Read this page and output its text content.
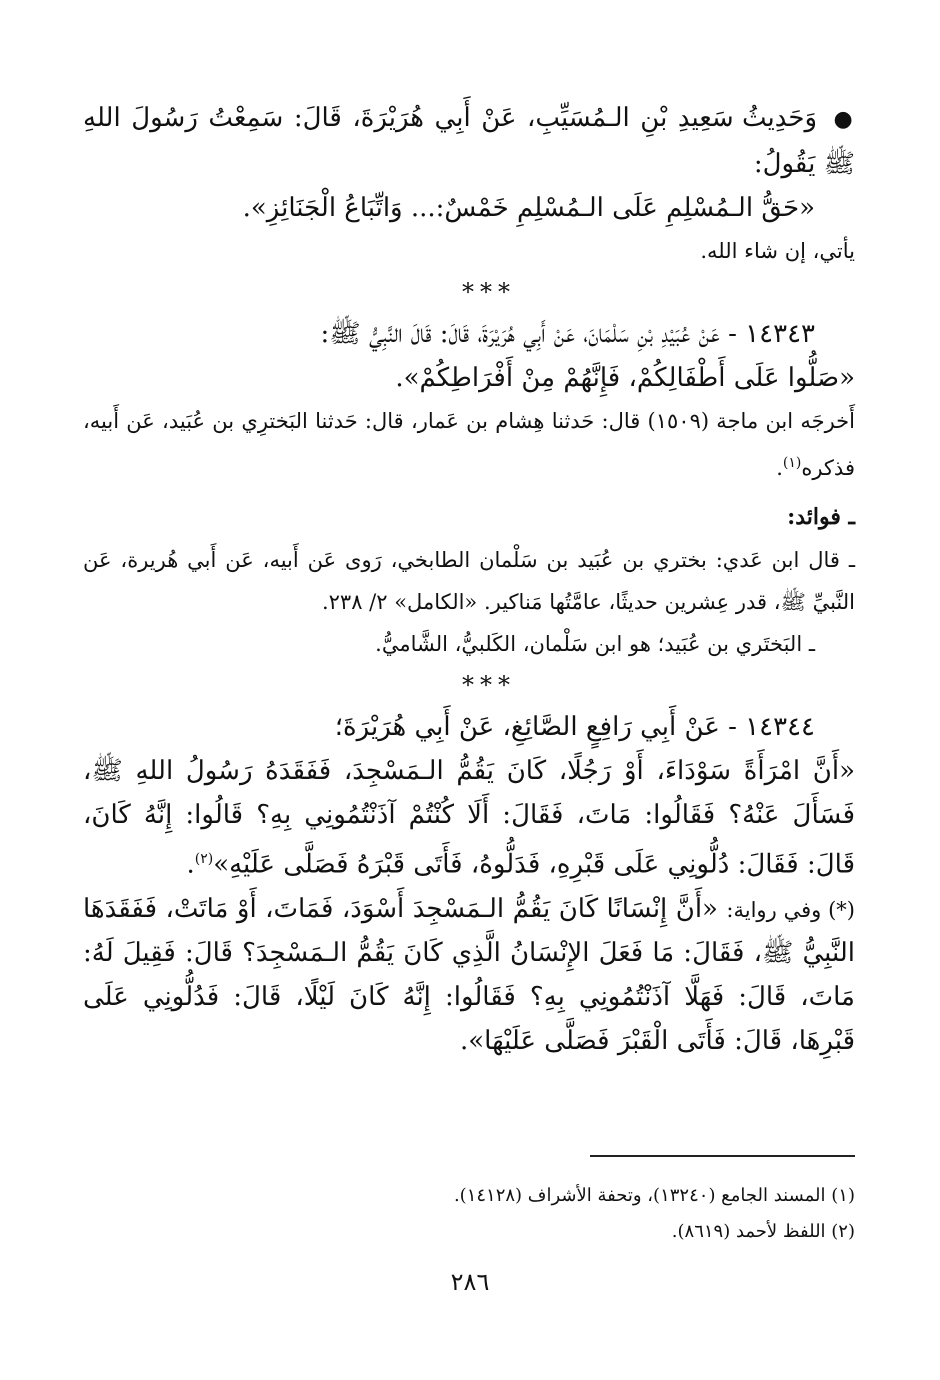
● وَحَدِيثُ سَعِيدِ بْنِ الـمُسَيِّبِ، عَنْ أَبِي هُرَيْرَةَ، قَالَ: سَمِعْتُ رَسُولَ اللهِ ﷺ يَقُولُ:

«حَقُّ الـمُسْلِمِ عَلَى الـمُسْلِمِ خَمْسٌ:... وَاتِّبَاعُ الْجَنَائِزِ».

يأتي، إن شاء الله.

***

١٤٣٤٣ - عَنْ عُبَيْدِ بْنِ سَلْمَانَ، عَنْ أَبِي هُرَيْرَةَ، قَالَ: قَالَ النَّبِيُّ ﷺ:

«صَلُّوا عَلَى أَطْفَالِكُمْ، فَإِنَّهُمْ مِنْ أَفْرَاطِكُمْ».

أَخرجَه ابن ماجة (١٥٠٩) قال: حَدثنا هِشام بن عَمار، قال: حَدثنا البَخترِي بن عُبَيد، عَن أَبيه، فذكره$^{(١)}$.

ـ فوائد:

ـ قال ابن عَدي: بختري بن عُبَيد بن سَلْمان الطابخي، رَوى عَن أَبيه، عَن أَبي هُريرة، عَن النَّبيِّ ﷺ، قدر عِشرين حديثًا، عامَّتُها مَناكير. «الكامل» ٢/ ٢٣٨.

ـ البَختَري بن عُبَيد؛ هو ابن سَلْمان، الكَلبيُّ، الشَّاميُّ.

***

١٤٣٤٤ - عَنْ أَبِي رَافِعٍ الصَّائِغِ، عَنْ أَبِي هُرَيْرَةَ؛

«أَنَّ امْرَأَةً سَوْدَاءَ، أَوْ رَجُلًا، كَانَ يَقُمُّ الـمَسْجِدَ، فَفَقَدَهُ رَسُولُ اللهِ ﷺ، فَسَأَلَ عَنْهُ؟ فَقَالُوا: مَاتَ، فَقَالَ: أَلَا كُنْتُمْ آذَنْتُمُونِي بِهِ؟ قَالُوا: إِنَّهُ كَانَ، قَالَ: فَقَالَ: دُلُّونِي عَلَى قَبْرِهِ، فَدَلُّوهُ، فَأَتَى قَبْرَهُ فَصَلَّى عَلَيْهِ»$^{(٢)}$.

(*) وفي رواية: «أَنَّ إِنْسَانًا كَانَ يَقُمُّ الـمَسْجِدَ أَسْوَدَ، فَمَاتَ، أَوْ مَاتَتْ، فَفَقَدَهَا النَّبِيُّ ﷺ، فَقَالَ: مَا فَعَلَ الإِنْسَانُ الَّذِي كَانَ يَقُمُّ الـمَسْجِدَ؟ قَالَ: فَقِيلَ لَهُ: مَاتَ، قَالَ: فَهَلَّا آذَنْتُمُونِي بِهِ؟ فَقَالُوا: إِنَّهُ كَانَ لَيْلًا، قَالَ: فَدُلُّونِي عَلَى قَبْرِهَا، قَالَ: فَأَتَى الْقَبْرَ فَصَلَّى عَلَيْهَا».

(١) المسند الجامع (١٣٢٤٠)، وتحفة الأشراف (١٤١٢٨).

(٢) اللفظ لأحمد (٨٦١٩).

٢٨٦
